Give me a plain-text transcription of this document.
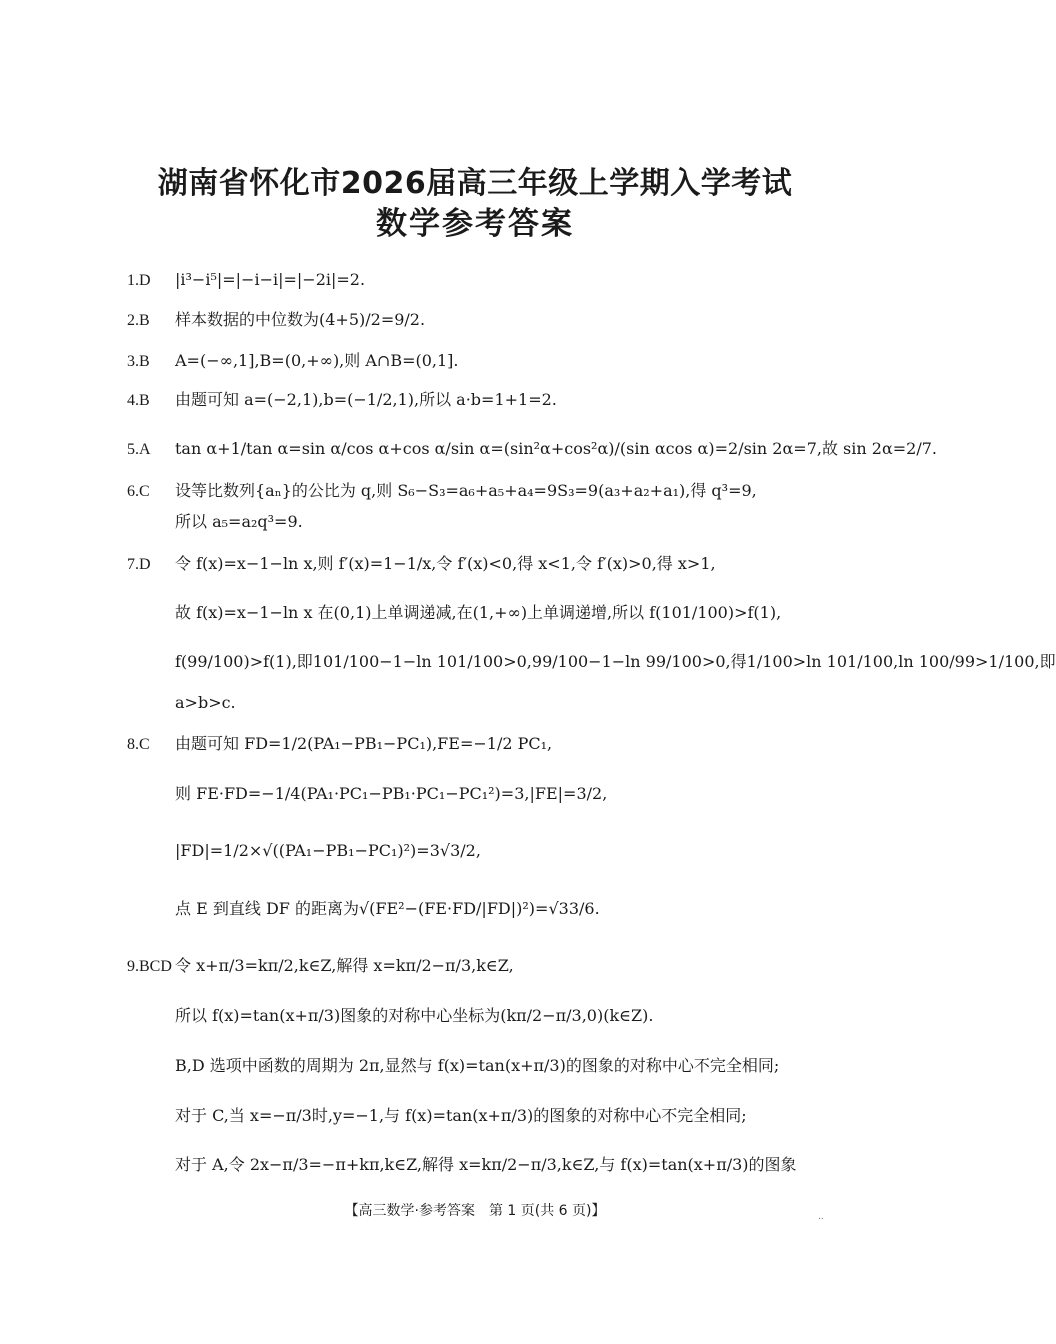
湖南省怀化市2026届高三年级上学期入学考试
数学参考答案
1.D |i³−i⁵|=|−i−i|=|−2i|=2.
2.B 样本数据的中位数为(4+5)/2=9/2.
3.B A=(−∞,1],B=(0,+∞),则 A∩B=(0,1].
4.B 由题可知 a=(−2,1),b=(−1/2,1),所以 a·b=1+1=2.
5.A tan α+1/tan α=sin α/cos α+cos α/sin α=(sin²α+cos²α)/(sin αcos α)=2/sin 2α=7,故 sin 2α=2/7.
6.C 设等比数列{aₙ}的公比为 q,则 S₆−S₃=a₆+a₅+a₄=9S₃=9(a₃+a₂+a₁),得 q³=9,
所以 a₅=a₂q³=9.
7.D 令 f(x)=x−1−ln x,则 f′(x)=1−1/x,令 f′(x)<0,得 x<1,令 f′(x)>0,得 x>1,
故 f(x)=x−1−ln x 在(0,1)上单调递减,在(1,+∞)上单调递增,所以 f(101/100)>f(1),
f(99/100)>f(1),即101/100−1−ln 101/100>0,99/100−1−ln 99/100>0,得1/100>ln 101/100,ln 100/99>1/100,即
a>b>c.
8.C 由题可知 FD=1/2(PA₁−PB₁−PC₁),FE=−1/2 PC₁,
则 FE·FD=−1/4(PA₁·PC₁−PB₁·PC₁−PC₁²)=3,|FE|=3/2,
|FD|=1/2×√((PA₁−PB₁−PC₁)²)=3√3/2,
点 E 到直线 DF 的距离为√(FE²−(FE·FD/|FD|)²)=√33/6.
9.BCD 令 x+π/3=kπ/2,k∈Z,解得 x=kπ/2−π/3,k∈Z,
所以 f(x)=tan(x+π/3)图象的对称中心坐标为(kπ/2−π/3,0)(k∈Z).
B,D 选项中函数的周期为 2π,显然与 f(x)=tan(x+π/3)的图象的对称中心不完全相同;
对于 C,当 x=−π/3时,y=−1,与 f(x)=tan(x+π/3)的图象的对称中心不完全相同;
对于 A,令 2x−π/3=−π+kπ,k∈Z,解得 x=kπ/2−π/3,k∈Z,与 f(x)=tan(x+π/3)的图象
【高三数学·参考答案　第 1 页(共 6 页)】	..
